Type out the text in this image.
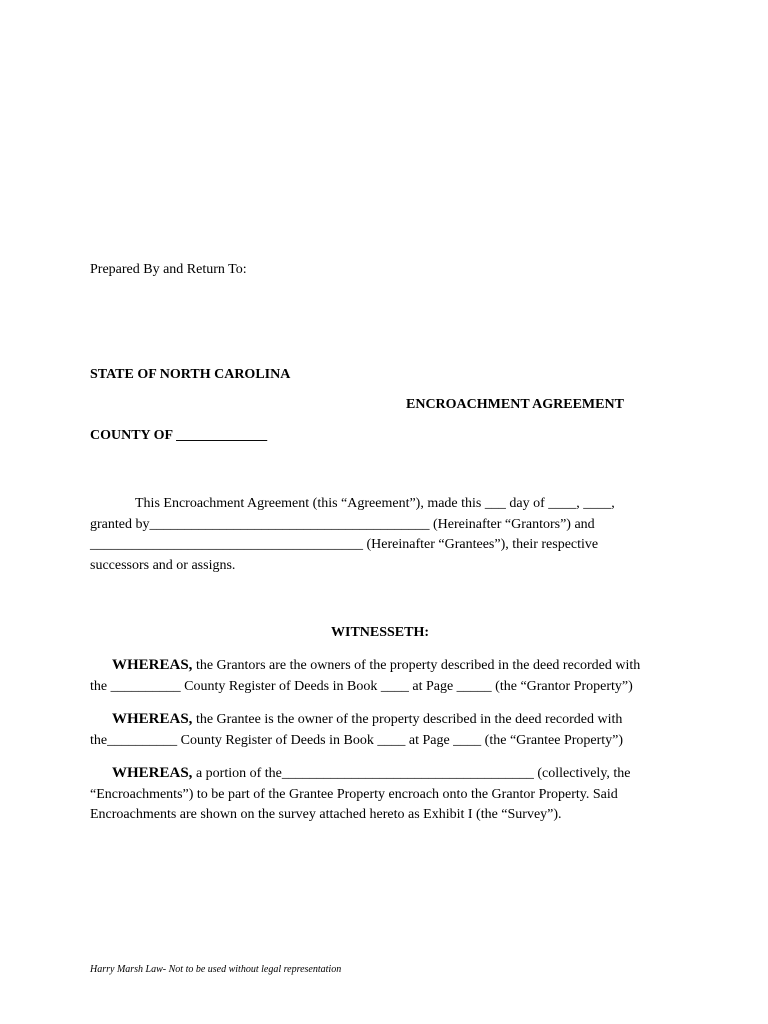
Prepared By and Return To:
STATE OF NORTH CAROLINA
ENCROACHMENT AGREEMENT
COUNTY OF _____________
This Encroachment Agreement (this “Agreement”), made this ___ day of ____, ____,
granted by________________________________________ (Hereinafter “Grantors”) and
_______________________________________ (Hereinafter “Grantees”), their respective
successors and or assigns.
WITNESSETH:
WHEREAS, the Grantors are the owners of the property described in the deed recorded with
the __________ County Register of Deeds in Book ____ at Page _____ (the “Grantor Property”)
WHEREAS, the Grantee is the owner of the property described in the deed recorded with
the__________ County Register of Deeds in Book ____ at Page ____ (the “Grantee Property”)
WHEREAS, a portion of the____________________________________ (collectively, the
“Encroachments”) to be part of the Grantee Property encroach onto the Grantor Property. Said
Encroachments are shown on the survey attached hereto as Exhibit I (the “Survey”).
Harry Marsh Law- Not to be used without legal representation
